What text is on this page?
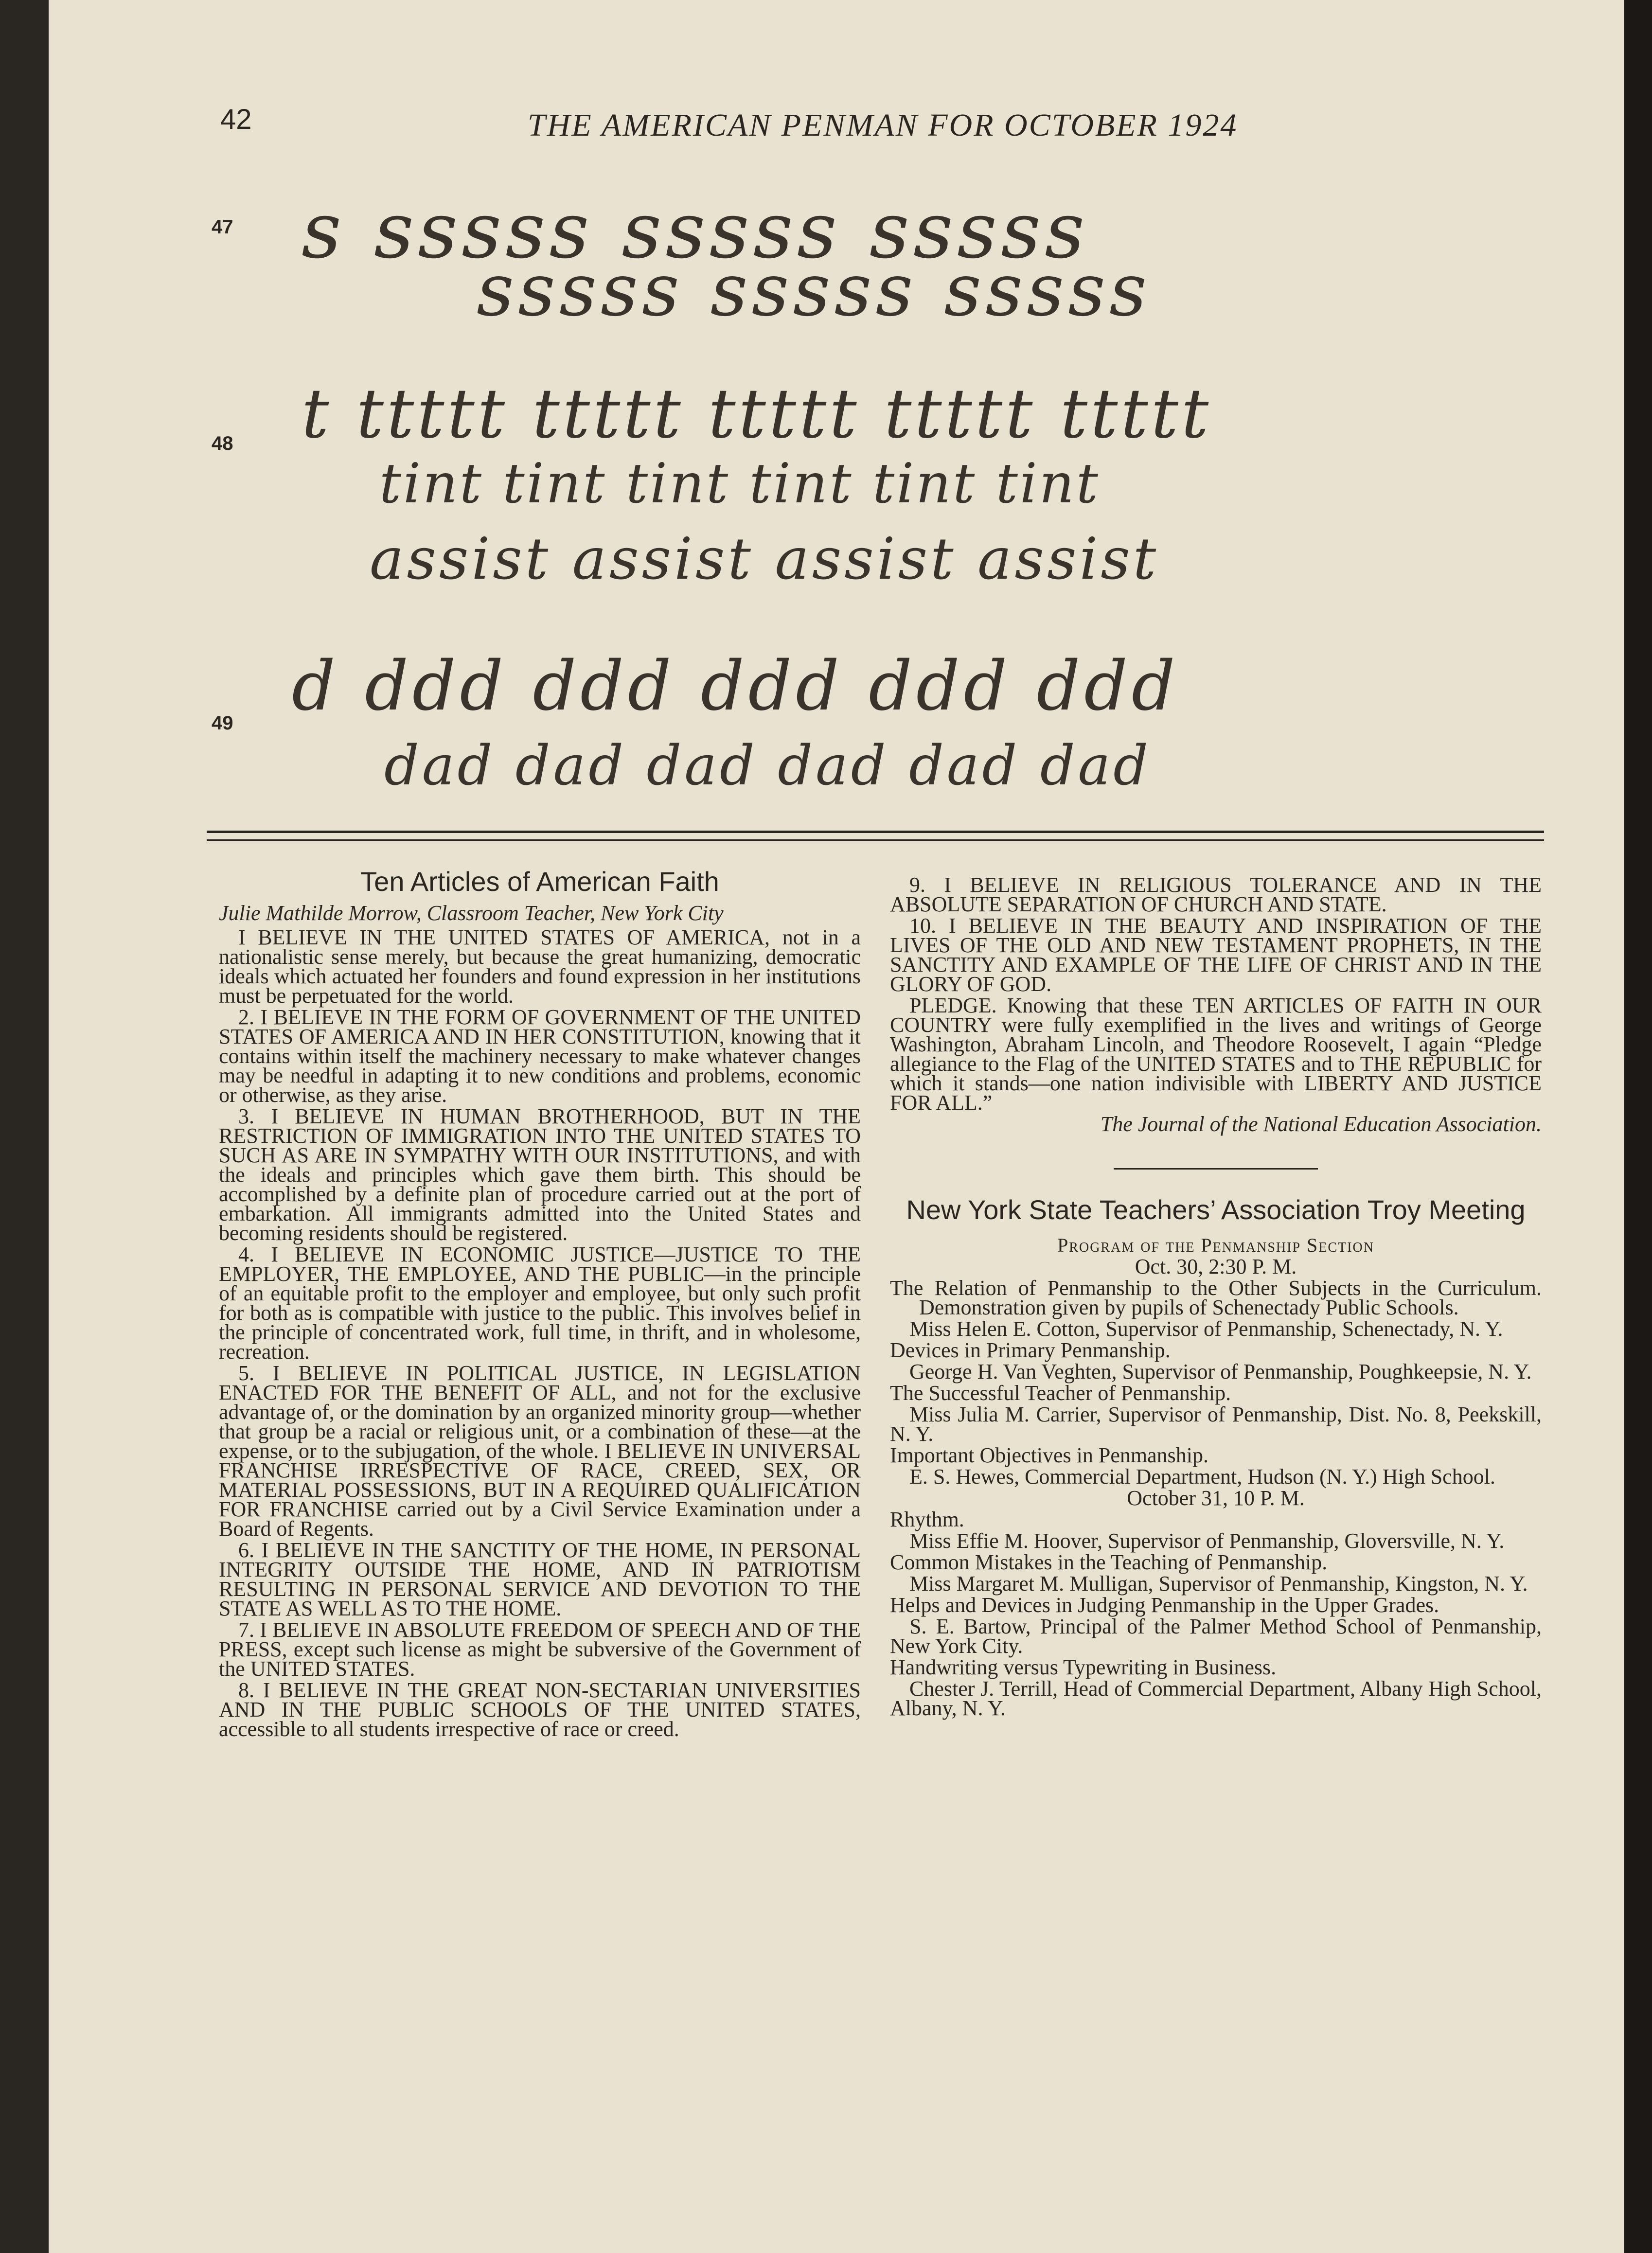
42	THE AMERICAN PENMAN FOR OCTOBER 1924
47 s sssss sssss sssss
sssss sssss sssss
48 t ttttt ttttt ttttt ttttt ttttt
tint tint tint tint tint tint
assist assist assist assist
49 d ddd ddd ddd ddd ddd
dad dad dad dad dad dad

Ten Articles of American Faith

Julie Mathilde Morrow, Classroom Teacher, New York City

I BELIEVE IN THE UNITED STATES OF AMERICA, not in a nationalistic sense merely, but because the great humanizing, democratic ideals which actuated her founders and found expression in her institutions must be perpetuated for the world.

2. I BELIEVE IN THE FORM OF GOVERNMENT OF THE UNITED STATES OF AMERICA AND IN HER CONSTITUTION, knowing that it contains within itself the machinery necessary to make whatever changes may be needful in adapting it to new conditions and problems, economic or otherwise, as they arise.

3. I BELIEVE IN HUMAN BROTHERHOOD, BUT IN THE RESTRICTION OF IMMIGRATION INTO THE UNITED STATES TO SUCH AS ARE IN SYMPATHY WITH OUR INSTITUTIONS, and with the ideals and principles which gave them birth. This should be accomplished by a definite plan of procedure carried out at the port of embarkation. All immigrants admitted into the United States and becoming residents should be registered.

4. I BELIEVE IN ECONOMIC JUSTICE—JUSTICE TO THE EMPLOYER, THE EMPLOYEE, AND THE PUBLIC—in the principle of an equitable profit to the employer and employee, but only such profit for both as is compatible with justice to the public. This involves belief in the principle of concentrated work, full time, in thrift, and in wholesome, recreation.

5. I BELIEVE IN POLITICAL JUSTICE, IN LEGISLATION ENACTED FOR THE BENEFIT OF ALL, and not for the exclusive advantage of, or the domination by an organized minority group—whether that group be a racial or religious unit, or a combination of these—at the expense, or to the subjugation, of the whole. I BELIEVE IN UNIVERSAL FRANCHISE IRRESPECTIVE OF RACE, CREED, SEX, OR MATERIAL POSSESSIONS, BUT IN A REQUIRED QUALIFICATION FOR FRANCHISE carried out by a Civil Service Examination under a Board of Regents.

6. I BELIEVE IN THE SANCTITY OF THE HOME, IN PERSONAL INTEGRITY OUTSIDE THE HOME, AND IN PATRIOTISM RESULTING IN PERSONAL SERVICE AND DEVOTION TO THE STATE AS WELL AS TO THE HOME.

7. I BELIEVE IN ABSOLUTE FREEDOM OF SPEECH AND OF THE PRESS, except such license as might be subversive of the Government of the UNITED STATES.

8. I BELIEVE IN THE GREAT NON-SECTARIAN UNIVERSITIES AND IN THE PUBLIC SCHOOLS OF THE UNITED STATES, accessible to all students irrespective of race or creed.

9. I BELIEVE IN RELIGIOUS TOLERANCE AND IN THE ABSOLUTE SEPARATION OF CHURCH AND STATE.

10. I BELIEVE IN THE BEAUTY AND INSPIRATION OF THE LIVES OF THE OLD AND NEW TESTAMENT PROPHETS, IN THE SANCTITY AND EXAMPLE OF THE LIFE OF CHRIST AND IN THE GLORY OF GOD.

PLEDGE. Knowing that these TEN ARTICLES OF FAITH IN OUR COUNTRY were fully exemplified in the lives and writings of George Washington, Abraham Lincoln, and Theodore Roosevelt, I again “Pledge allegiance to the Flag of the UNITED STATES and to THE REPUBLIC for which it stands—one nation indivisible with LIBERTY AND JUSTICE FOR ALL.”

The Journal of the National Education Association.

New York State Teachers’ Association Troy Meeting

Program of the Penmanship Section

Oct. 30, 2:30 P. M.

The Relation of Penmanship to the Other Subjects in the Curriculum. Demonstration given by pupils of Schenectady Public Schools.

Miss Helen E. Cotton, Supervisor of Penmanship, Schenectady, N. Y.

Devices in Primary Penmanship.

George H. Van Veghten, Supervisor of Penmanship, Poughkeepsie, N. Y.

The Successful Teacher of Penmanship.

Miss Julia M. Carrier, Supervisor of Penmanship, Dist. No. 8, Peekskill, N. Y.

Important Objectives in Penmanship.

E. S. Hewes, Commercial Department, Hudson (N. Y.) High School.

October 31, 10 P. M.

Rhythm.

Miss Effie M. Hoover, Supervisor of Penmanship, Gloversville, N. Y.

Common Mistakes in the Teaching of Penmanship.

Miss Margaret M. Mulligan, Supervisor of Penmanship, Kingston, N. Y.

Helps and Devices in Judging Penmanship in the Upper Grades.

S. E. Bartow, Principal of the Palmer Method School of Penmanship, New York City.

Handwriting versus Typewriting in Business.

Chester J. Terrill, Head of Commercial Department, Albany High School, Albany, N. Y.
